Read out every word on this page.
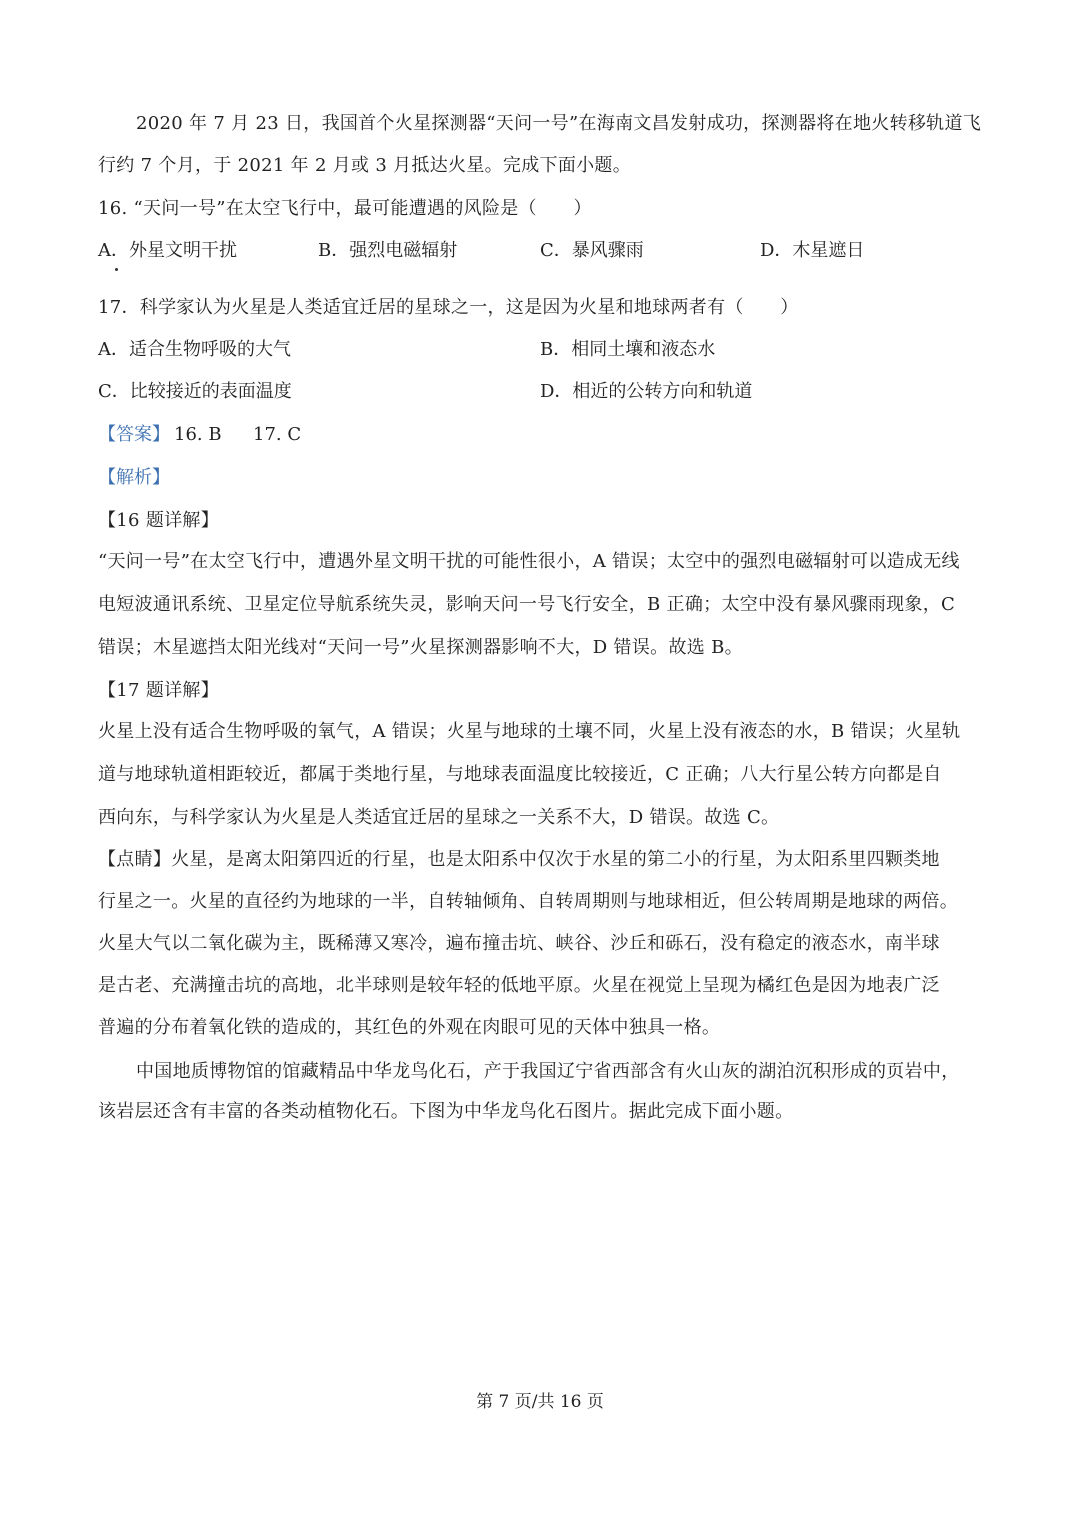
2020 年 7 月 23 日，我国首个火星探测器“天问一号”在海南文昌发射成功，探测器将在地火转移轨道飞
行约 7 个月，于 2021 年 2 月或 3 月抵达火星。完成下面小题。
16. “天问一号”在太空飞行中，最可能遭遇的风险是（　　）
A．外星文明干扰	B．强烈电磁辐射	C．暴风骤雨	D．木星遮日
17．科学家认为火星是人类适宜迁居的星球之一，这是因为火星和地球两者有（　　）
A．适合生物呼吸的大气	B．相同土壤和液态水
C．比较接近的表面温度	D．相近的公转方向和轨道
【答案】 16. B 17. C
【解析】
【16 题详解】
“天问一号”在太空飞行中，遭遇外星文明干扰的可能性很小，A 错误；太空中的强烈电磁辐射可以造成无线
电短波通讯系统、卫星定位导航系统失灵，影响天问一号飞行安全，B 正确；太空中没有暴风骤雨现象，C
错误；木星遮挡太阳光线对“天问一号”火星探测器影响不大，D 错误。故选 B。
【17 题详解】
火星上没有适合生物呼吸的氧气，A 错误；火星与地球的土壤不同，火星上没有液态的水，B 错误；火星轨
道与地球轨道相距较近，都属于类地行星，与地球表面温度比较接近，C 正确；八大行星公转方向都是自
西向东，与科学家认为火星是人类适宜迁居的星球之一关系不大，D 错误。故选 C。
【点睛】火星，是离太阳第四近的行星，也是太阳系中仅次于水星的第二小的行星，为太阳系里四颗类地
行星之一。火星的直径约为地球的一半，自转轴倾角、自转周期则与地球相近，但公转周期是地球的两倍。
火星大气以二氧化碳为主，既稀薄又寒冷，遍布撞击坑、峡谷、沙丘和砾石，没有稳定的液态水，南半球
是古老、充满撞击坑的高地，北半球则是较年轻的低地平原。火星在视觉上呈现为橘红色是因为地表广泛
普遍的分布着氧化铁的造成的，其红色的外观在肉眼可见的天体中独具一格。
中国地质博物馆的馆藏精品中华龙鸟化石，产于我国辽宁省西部含有火山灰的湖泊沉积形成的页岩中，
该岩层还含有丰富的各类动植物化石。下图为中华龙鸟化石图片。据此完成下面小题。
第 7 页/共 16 页
